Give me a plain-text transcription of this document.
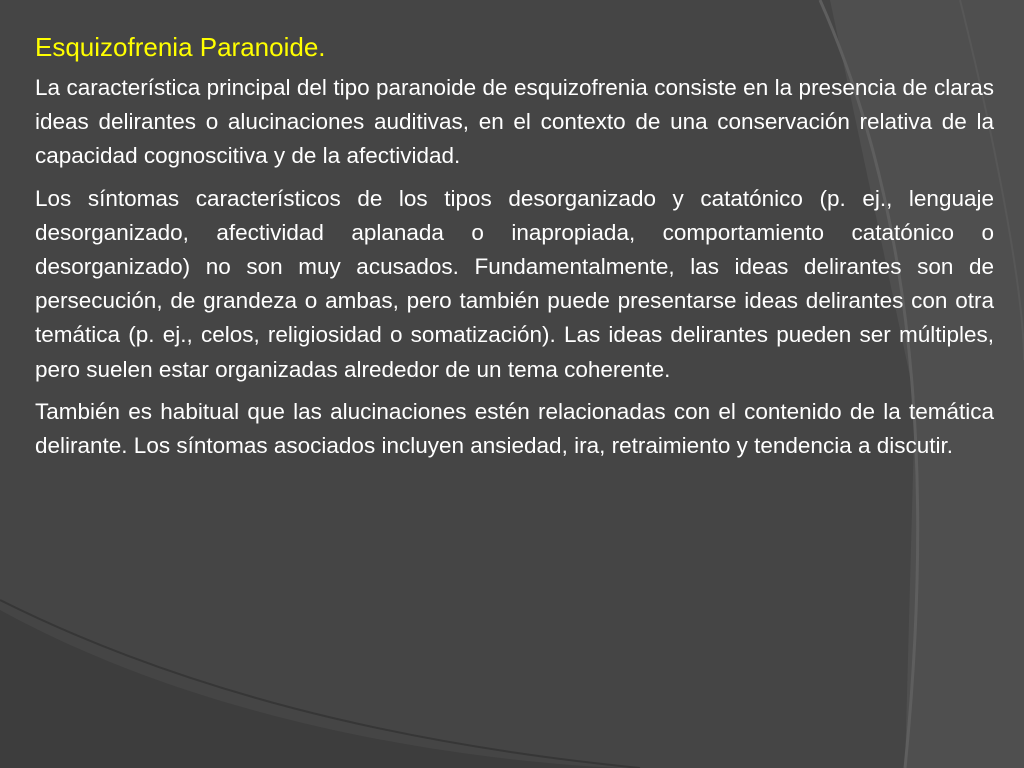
Esquizofrenia Paranoide.

La característica principal del tipo paranoide de esquizofrenia consiste en la presencia de claras ideas delirantes o alucinaciones auditivas, en el contexto de una conservación relativa de la capacidad cognoscitiva y de la afectividad.

Los síntomas característicos de los tipos desorganizado y catatónico (p. ej., lenguaje desorganizado, afectividad aplanada o inapropiada, comportamiento catatónico o desorganizado) no son muy acusados. Fundamentalmente, las ideas delirantes son de persecución, de grandeza o ambas, pero también puede presentarse ideas delirantes con otra temática (p. ej., celos, religiosidad o somatización). Las ideas delirantes pueden ser múltiples, pero suelen estar organizadas alrededor de un tema coherente.

También es habitual que las alucinaciones estén relacionadas con el contenido de la temática delirante. Los síntomas asociados incluyen ansiedad, ira, retraimiento y tendencia a discutir.
